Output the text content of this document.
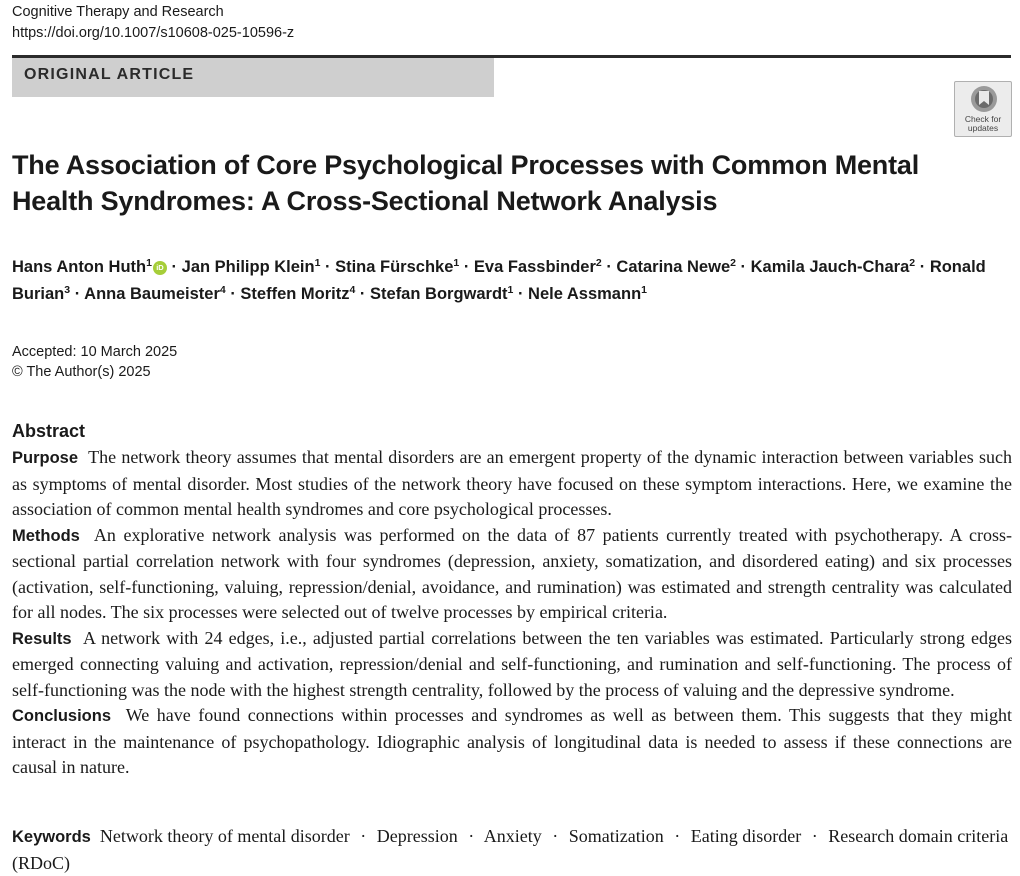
Cognitive Therapy and Research
https://doi.org/10.1007/s10608-025-10596-z
ORIGINAL ARTICLE
Check for updates
The Association of Core Psychological Processes with Common Mental Health Syndromes: A Cross-Sectional Network Analysis
Hans Anton Huth$^1$ iD · Jan Philipp Klein$^1$ · Stina Fürschke$^1$ · Eva Fassbinder$^2$ · Catarina Newe$^2$ · Kamila Jauch-Chara$^2$ · Ronald Burian$^3$ · Anna Baumeister$^4$ · Steffen Moritz$^4$ · Stefan Borgwardt$^1$ · Nele Assmann$^1$
Accepted: 10 March 2025
© The Author(s) 2025
Abstract

Purpose The network theory assumes that mental disorders are an emergent property of the dynamic interaction between variables such as symptoms of mental disorder. Most studies of the network theory have focused on these symptom interactions. Here, we examine the association of common mental health syndromes and core psychological processes.

Methods An explorative network analysis was performed on the data of 87 patients currently treated with psychotherapy. A cross-sectional partial correlation network with four syndromes (depression, anxiety, somatization, and disordered eating) and six processes (activation, self-functioning, valuing, repression/denial, avoidance, and rumination) was estimated and strength centrality was calculated for all nodes. The six processes were selected out of twelve processes by empirical criteria.

Results A network with 24 edges, i.e., adjusted partial correlations between the ten variables was estimated. Particularly strong edges emerged connecting valuing and activation, repression/denial and self-functioning, and rumination and self-functioning. The process of self-functioning was the node with the highest strength centrality, followed by the process of valuing and the depressive syndrome.

Conclusions We have found connections within processes and syndromes as well as between them. This suggests that they might interact in the maintenance of psychopathology. Idiographic analysis of longitudinal data is needed to assess if these connections are causal in nature.

Keywords Network theory of mental disorder · Depression · Anxiety · Somatization · Eating disorder · Research domain criteria (RDoC)
